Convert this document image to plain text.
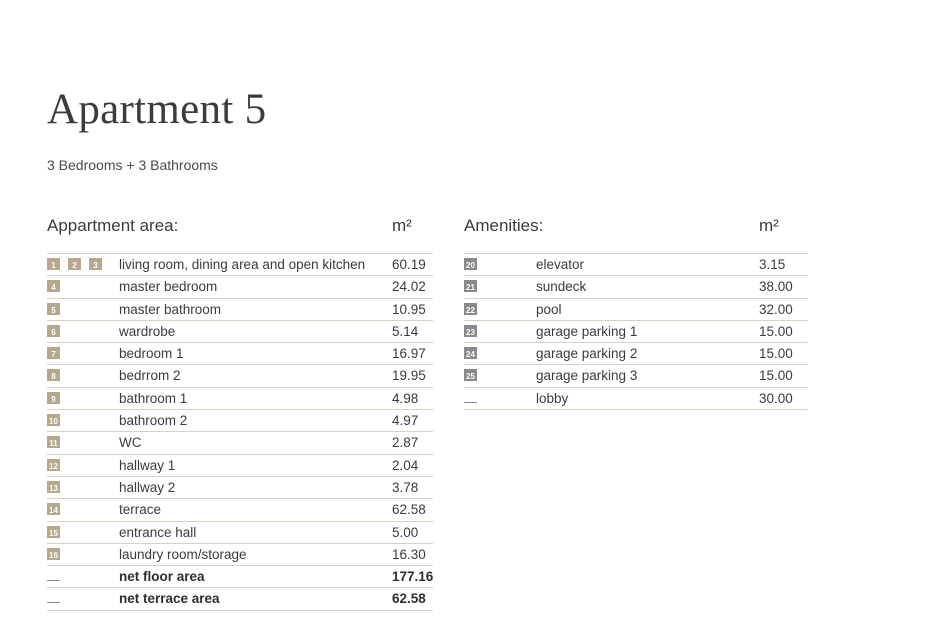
Apartment 5
3 Bedrooms + 3 Bathrooms
Appartment area:	m²
1 2 3	living room, dining area and open kitchen 60.19
4	master bedroom	24.02
5	master bathroom	10.95
6	wardrobe	5.14
7	bedroom 1	16.97
8	bedrrom 2	19.95
9	bathroom 1	4.98
10	bathroom 2	4.97
11	WC	2.87
12	hallway 1	2.04
13	hallway 2	3.78
14	terrace	62.58
15	entrance hall	5.00
16	laundry room/storage	16.30
net floor area	177.16
net terrace area	62.58
Amenities:	m²
20	elevator	3.15
21	sundeck	38.00
22	pool	32.00
23	garage parking 1	15.00
24	garage parking 2	15.00
25	garage parking 3	15.00
lobby	30.00
